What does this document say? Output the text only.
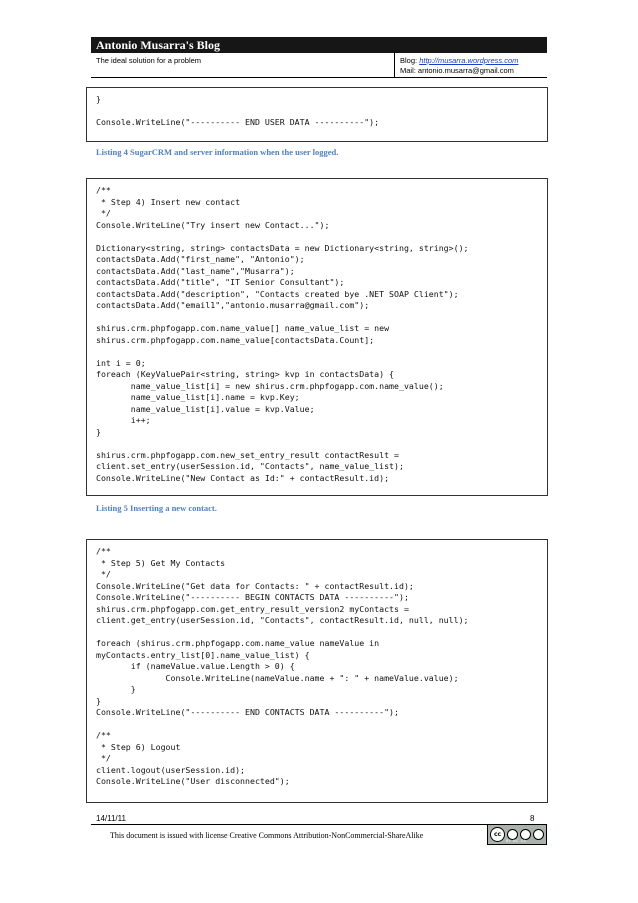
Antonio Musarra's Blog
The ideal solution for a problem	Blog: http://musarra.wordpress.com
Mail: antonio.musarra@gmail.com
}

Console.WriteLine("---------- END USER DATA ----------");
Listing 4 SugarCRM and server information when the user logged.
/**
* Step 4) Insert new contact
*/
Console.WriteLine("Try insert new Contact...");

Dictionary<string, string> contactsData = new Dictionary<string, string>();
contactsData.Add("first_name", "Antonio");
contactsData.Add("last_name","Musarra");
contactsData.Add("title", "IT Senior Consultant");
contactsData.Add("description", "Contacts created bye .NET SOAP Client");
contactsData.Add("email1","antonio.musarra@gmail.com");

shirus.crm.phpfogapp.com.name_value[] name_value_list = new
shirus.crm.phpfogapp.com.name_value[contactsData.Count];

int i = 0;
foreach (KeyValuePair<string, string> kvp in contactsData) {
name_value_list[i] = new shirus.crm.phpfogapp.com.name_value();
name_value_list[i].name = kvp.Key;
name_value_list[i].value = kvp.Value;
i++;
}

shirus.crm.phpfogapp.com.new_set_entry_result contactResult =
client.set_entry(userSession.id, "Contacts", name_value_list);
Console.WriteLine("New Contact as Id:" + contactResult.id);
Listing 5 Inserting a new contact.
/**
* Step 5) Get My Contacts
*/
Console.WriteLine("Get data for Contacts: " + contactResult.id);
Console.WriteLine("---------- BEGIN CONTACTS DATA ----------");
shirus.crm.phpfogapp.com.get_entry_result_version2 myContacts =
client.get_entry(userSession.id, "Contacts", contactResult.id, null, null);

foreach (shirus.crm.phpfogapp.com.name_value nameValue in
myContacts.entry_list[0].name_value_list) {
if (nameValue.value.Length > 0) {
Console.WriteLine(nameValue.name + ": " + nameValue.value);
}
}
Console.WriteLine("---------- END CONTACTS DATA ----------");

/**
* Step 6) Logout
*/
client.logout(userSession.id);
Console.WriteLine("User disconnected");
14/11/11	8
This document is issued with license Creative Commons Attribution-NonCommercial-ShareAlike	cc
BY NC SA
